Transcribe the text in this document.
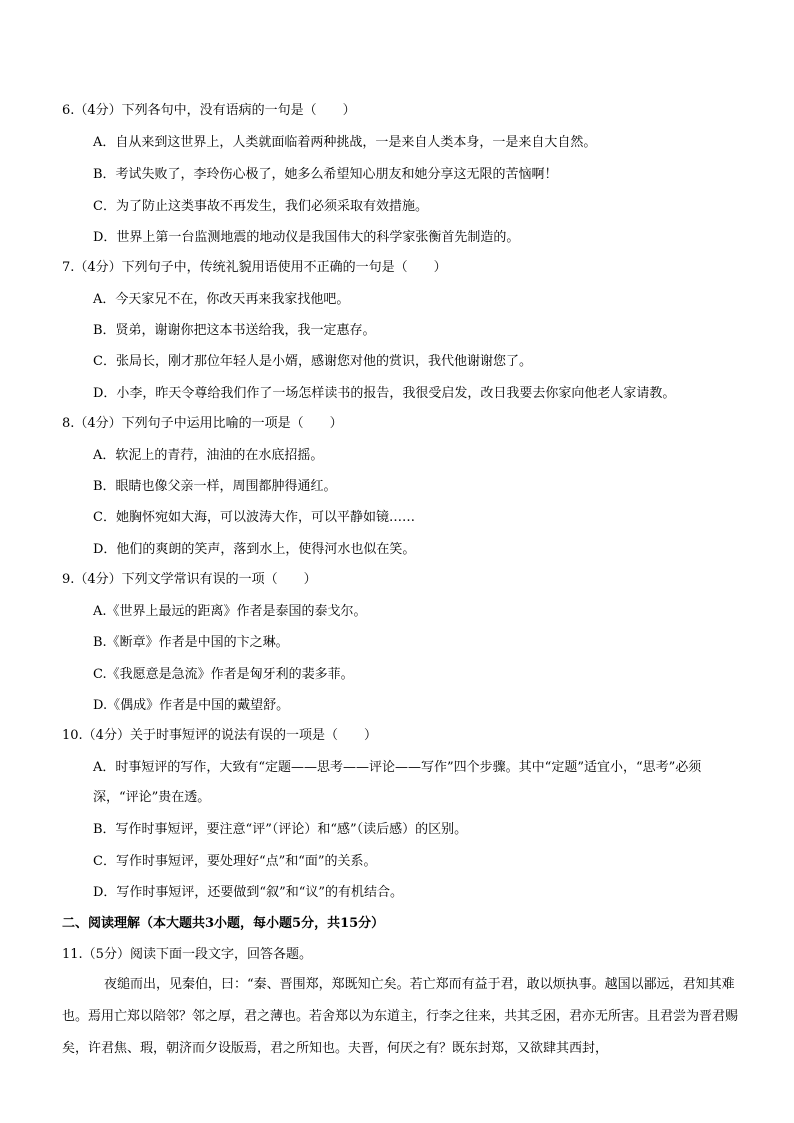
6.（4分）下列各句中，没有语病的一句是（　　）
A．自从来到这世界上，人类就面临着两种挑战，一是来自人类本身，一是来自大自然。
B．考试失败了，李玲伤心极了，她多么希望知心朋友和她分享这无限的苦恼啊！
C．为了防止这类事故不再发生，我们必须采取有效措施。
D．世界上第一台监测地震的地动仪是我国伟大的科学家张衡首先制造的。
7.（4分）下列句子中，传统礼貌用语使用不正确的一句是（　　）
A．今天家兄不在，你改天再来我家找他吧。
B．贤弟，谢谢你把这本书送给我，我一定惠存。
C．张局长，刚才那位年轻人是小婿，感谢您对他的赏识，我代他谢谢您了。
D．小李，昨天令尊给我们作了一场怎样读书的报告，我很受启发，改日我要去你家向他老人家请教。
8.（4分）下列句子中运用比喻的一项是（　　）
A．软泥上的青荇，油油的在水底招摇。
B．眼睛也像父亲一样，周围都肿得通红。
C．她胸怀宛如大海，可以波涛大作，可以平静如镜……
D．他们的爽朗的笑声，落到水上，使得河水也似在笑。
9.（4分）下列文学常识有误的一项（　　）
A.《世界上最远的距离》作者是泰国的泰戈尔。
B.《断章》作者是中国的卞之琳。
C.《我愿意是急流》作者是匈牙利的裴多菲。
D.《偶成》作者是中国的戴望舒。
10.（4分）关于时事短评的说法有误的一项是（　　）
A．时事短评的写作，大致有“定题——思考——评论——写作”四个步骤。其中“定题”适宜小，“思考”必须深，“评论”贵在透。
B．写作时事短评，要注意“评”（评论）和“感”（读后感）的区别。
C．写作时事短评，要处理好“点”和“面”的关系。
D．写作时事短评，还要做到“叙”和“议”的有机结合。
二、阅读理解（本大题共3小题，每小题5分，共15分）
11.（5分）阅读下面一段文字，回答各题。
夜缒而出，见秦伯，曰：“秦、晋围郑，郑既知亡矣。若亡郑而有益于君，敢以烦执事。越国以鄙远，君知其难也。焉用亡郑以陪邻？邻之厚，君之薄也。若舍郑以为东道主，行李之往来，共其乏困，君亦无所害。且君尝为晋君赐矣，许君焦、瑕，朝济而夕设版焉，君之所知也。夫晋，何厌之有？既东封郑，又欲肆其西封，
